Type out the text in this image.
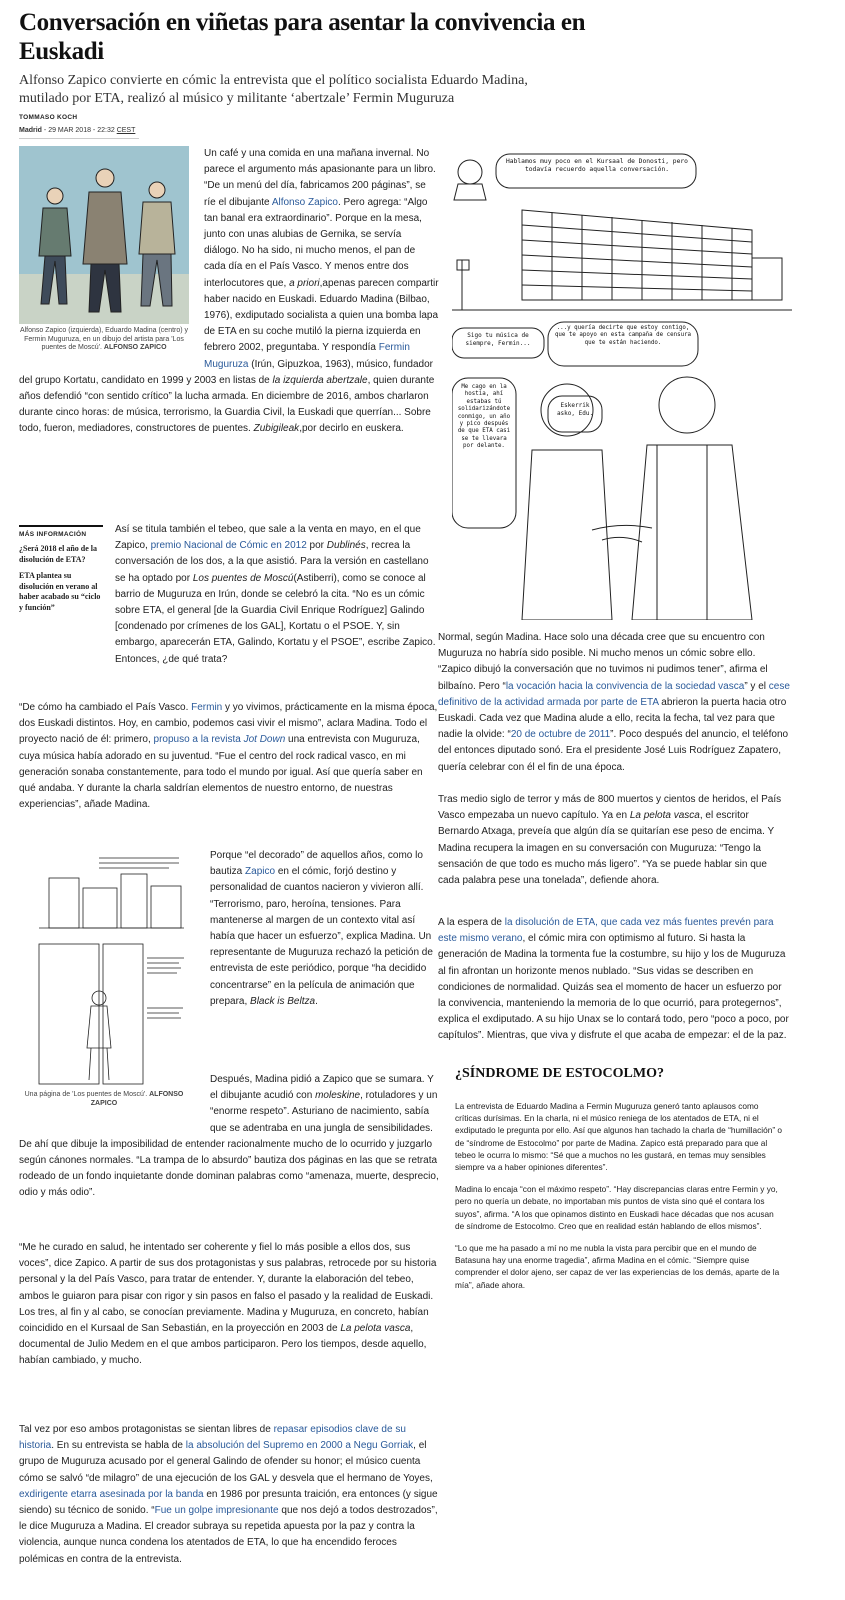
Conversación en viñetas para asentar la convivencia en Euskadi

Alfonso Zapico convierte en cómic la entrevista que el político socialista Eduardo Madina, mutilado por ETA, realizó al músico y militante ‘abertzale’ Fermin Muguruza

TOMMASO KOCH
Madrid - 29 MAR 2018 - 22:32 CEST
Alfonso Zapico (izquierda), Eduardo Madina (centro) y Fermin Muguruza, en un dibujo del artista para 'Los puentes de Moscú'. ALFONSO ZAPICO

Un café y una comida en una mañana invernal. No parece el argumento más apasionante para un libro. “De un menú del día, fabricamos 200 páginas”, se ríe el dibujante Alfonso Zapico. Pero agrega: “Algo tan banal era extraordinario”. Porque en la mesa, junto con unas alubias de Gernika, se servía diálogo. No ha sido, ni mucho menos, el pan de cada día en el País Vasco. Y menos entre dos interlocutores que, a priori,apenas parecen compartir haber nacido en Euskadi. Eduardo Madina (Bilbao, 1976), exdiputado socialista a quien una bomba lapa de ETA en su coche mutiló la pierna izquierda en febrero 2002, preguntaba. Y respondía Fermin Muguruza (Irún, Gipuzkoa, 1963), músico, fundador del grupo Kortatu, candidato en 1999 y 2003 en listas de la izquierda abertzale, quien durante años defendió “con sentido crítico” la lucha armada. En diciembre de 2016, ambos charlaron durante cinco horas: de música, terrorismo, la Guardia Civil, la Euskadi que querrían... Sobre todo, fueron, mediadores, constructores de puentes. Zubigileak,por decirlo en euskera.

MÁS INFORMACIÓN
¿Será 2018 el año de la disolución de ETA?
ETA plantea su disolución en verano al haber acabado su “ciclo y función”

Así se titula también el tebeo, que sale a la venta en mayo, en el que Zapico, premio Nacional de Cómic en 2012 por Dublinés, recrea la conversación de los dos, a la que asistió. Para la versión en castellano se ha optado por Los puentes de Moscú(Astiberri), como se conoce al barrio de Muguruza en Irún, donde se celebró la cita. “No es un cómic sobre ETA, el general [de la Guardia Civil Enrique Rodríguez] Galindo [condenado por crímenes de los GAL], Kortatu o el PSOE. Y, sin embargo, aparecerán ETA, Galindo, Kortatu y el PSOE”, escribe Zapico. Entonces, ¿de qué trata?

“De cómo ha cambiado el País Vasco. Fermin y yo vivimos, prácticamente en la misma época, dos Euskadi distintos. Hoy, en cambio, podemos casi vivir el mismo”, aclara Madina. Todo el proyecto nació de él: primero, propuso a la revista Jot Down una entrevista con Muguruza, cuya música había adorado en su juventud. “Fue el centro del rock radical vasco, en mi generación sonaba constantemente, para todo el mundo por igual. Así que quería saber en qué andaba. Y durante la charla saldrían elementos de nuestro entorno, de nuestras experiencias”, añade Madina.

Una página de 'Los puentes de Moscú'. ALFONSO ZAPICO

Porque “el decorado” de aquellos años, como lo bautiza Zapico en el cómic, forjó destino y personalidad de cuantos nacieron y vivieron allí. “Terrorismo, paro, heroína, tensiones. Para mantenerse al margen de un contexto vital así había que hacer un esfuerzo”, explica Madina. Un representante de Muguruza rechazó la petición de entrevista de este periódico, porque “ha decidido concentrarse” en la película de animación que prepara, Black is Beltza.

Después, Madina pidió a Zapico que se sumara. Y el dibujante acudió con moleskine, rotuladores y un “enorme respeto”. Asturiano de nacimiento, sabía que se adentraba en una jungla de sensibilidades. De ahí que dibuje la imposibilidad de entender racionalmente mucho de lo ocurrido y juzgarlo según cánones normales. “La trampa de lo absurdo” bautiza dos páginas en las que se retrata rodeado de un fondo inquietante donde dominan palabras como “amenaza, muerte, desprecio, odio y más odio”.

“Me he curado en salud, he intentado ser coherente y fiel lo más posible a ellos dos, sus voces”, dice Zapico. A partir de sus dos protagonistas y sus palabras, retrocede por su historia personal y la del País Vasco, para tratar de entender. Y, durante la elaboración del tebeo, ambos le guiaron para pisar con rigor y sin pasos en falso el pasado y la realidad de Euskadi. Los tres, al fin y al cabo, se conocían previamente. Madina y Muguruza, en concreto, habían coincidido en el Kursaal de San Sebastián, en la proyección en 2003 de La pelota vasca, documental de Julio Medem en el que ambos participaron. Pero los tiempos, desde aquello, habían cambiado, y mucho.

Tal vez por eso ambos protagonistas se sientan libres de repasar episodios clave de su historia. En su entrevista se habla de la absolución del Supremo en 2000 a Negu Gorriak, el grupo de Muguruza acusado por el general Galindo de ofender su honor; el músico cuenta cómo se salvó “de milagro” de una ejecución de los GAL y desvela que el hermano de Yoyes, exdirigente etarra asesinada por la banda en 1986 por presunta traición, era entonces (y sigue siendo) su técnico de sonido. “Fue un golpe impresionante que nos dejó a todos destrozados”, le dice Muguruza a Madina. El creador subraya su repetida apuesta por la paz y contra la violencia, aunque nunca condena los atentados de ETA, lo que ha encendido feroces polémicas en contra de la entrevista.

Hablamos muy poco en el Kursaal de Donosti, pero todavía recuerdo aquella conversación.
Sigo tu música de siempre, Fermin...
...y quería decirte que estoy contigo, que te apoyo en esta campaña de censura que te están haciendo.
Me cago en la hostia, ahí estabas tú solidarizándote conmigo, un año y pico después de que ETA casi se te llevara por delante.
Eskerrik asko, Edu.

Normal, según Madina. Hace solo una década cree que su encuentro con Muguruza no habría sido posible. Ni mucho menos un cómic sobre ello. “Zapico dibujó la conversación que no tuvimos ni pudimos tener”, afirma el bilbaíno. Pero “la vocación hacia la convivencia de la sociedad vasca” y el cese definitivo de la actividad armada por parte de ETA abrieron la puerta hacia otro Euskadi. Cada vez que Madina alude a ello, recita la fecha, tal vez para que nadie la olvide: “20 de octubre de 2011”. Poco después del anuncio, el teléfono del entonces diputado sonó. Era el presidente José Luis Rodríguez Zapatero, quería celebrar con él el fin de una época.

Tras medio siglo de terror y más de 800 muertos y cientos de heridos, el País Vasco empezaba un nuevo capítulo. Ya en La pelota vasca, el escritor Bernardo Atxaga, preveía que algún día se quitarían ese peso de encima. Y Madina recupera la imagen en su conversación con Muguruza: “Tengo la sensación de que todo es mucho más ligero”. “Ya se puede hablar sin que cada palabra pese una tonelada”, defiende ahora.

A la espera de la disolución de ETA, que cada vez más fuentes prevén para este mismo verano, el cómic mira con optimismo al futuro. Si hasta la generación de Madina la tormenta fue la costumbre, su hijo y los de Muguruza al fin afrontan un horizonte menos nublado. “Sus vidas se describen en condiciones de normalidad. Quizás sea el momento de hacer un esfuerzo por la convivencia, manteniendo la memoria de lo que ocurrió, para protegernos”, explica el exdiputado. A su hijo Unax se lo contará todo, pero “poco a poco, por capítulos”. Mientras, que viva y disfrute el que acaba de empezar: el de la paz.

¿SÍNDROME DE ESTOCOLMO?

La entrevista de Eduardo Madina a Fermin Muguruza generó tanto aplausos como críticas durísimas. En la charla, ni el músico reniega de los atentados de ETA, ni el exdiputado le pregunta por ello. Así que algunos han tachado la charla de “humillación” o de “síndrome de Estocolmo” por parte de Madina. Zapico está preparado para que al tebeo le ocurra lo mismo: “Sé que a muchos no les gustará, en temas muy sensibles siempre va a haber opiniones diferentes”.

Madina lo encaja “con el máximo respeto”. “Hay discrepancias claras entre Fermin y yo, pero no quería un debate, no importaban mis puntos de vista sino qué el contara los suyos”, afirma. “A los que opinamos distinto en Euskadi hace décadas que nos acusan de síndrome de Estocolmo. Creo que en realidad están hablando de ellos mismos”.

“Lo que me ha pasado a mí no me nubla la vista para percibir que en el mundo de Batasuna hay una enorme tragedia”, afirma Madina en el cómic. “Siempre quise comprender el dolor ajeno, ser capaz de ver las experiencias de los demás, aparte de la mía”, añade ahora.
